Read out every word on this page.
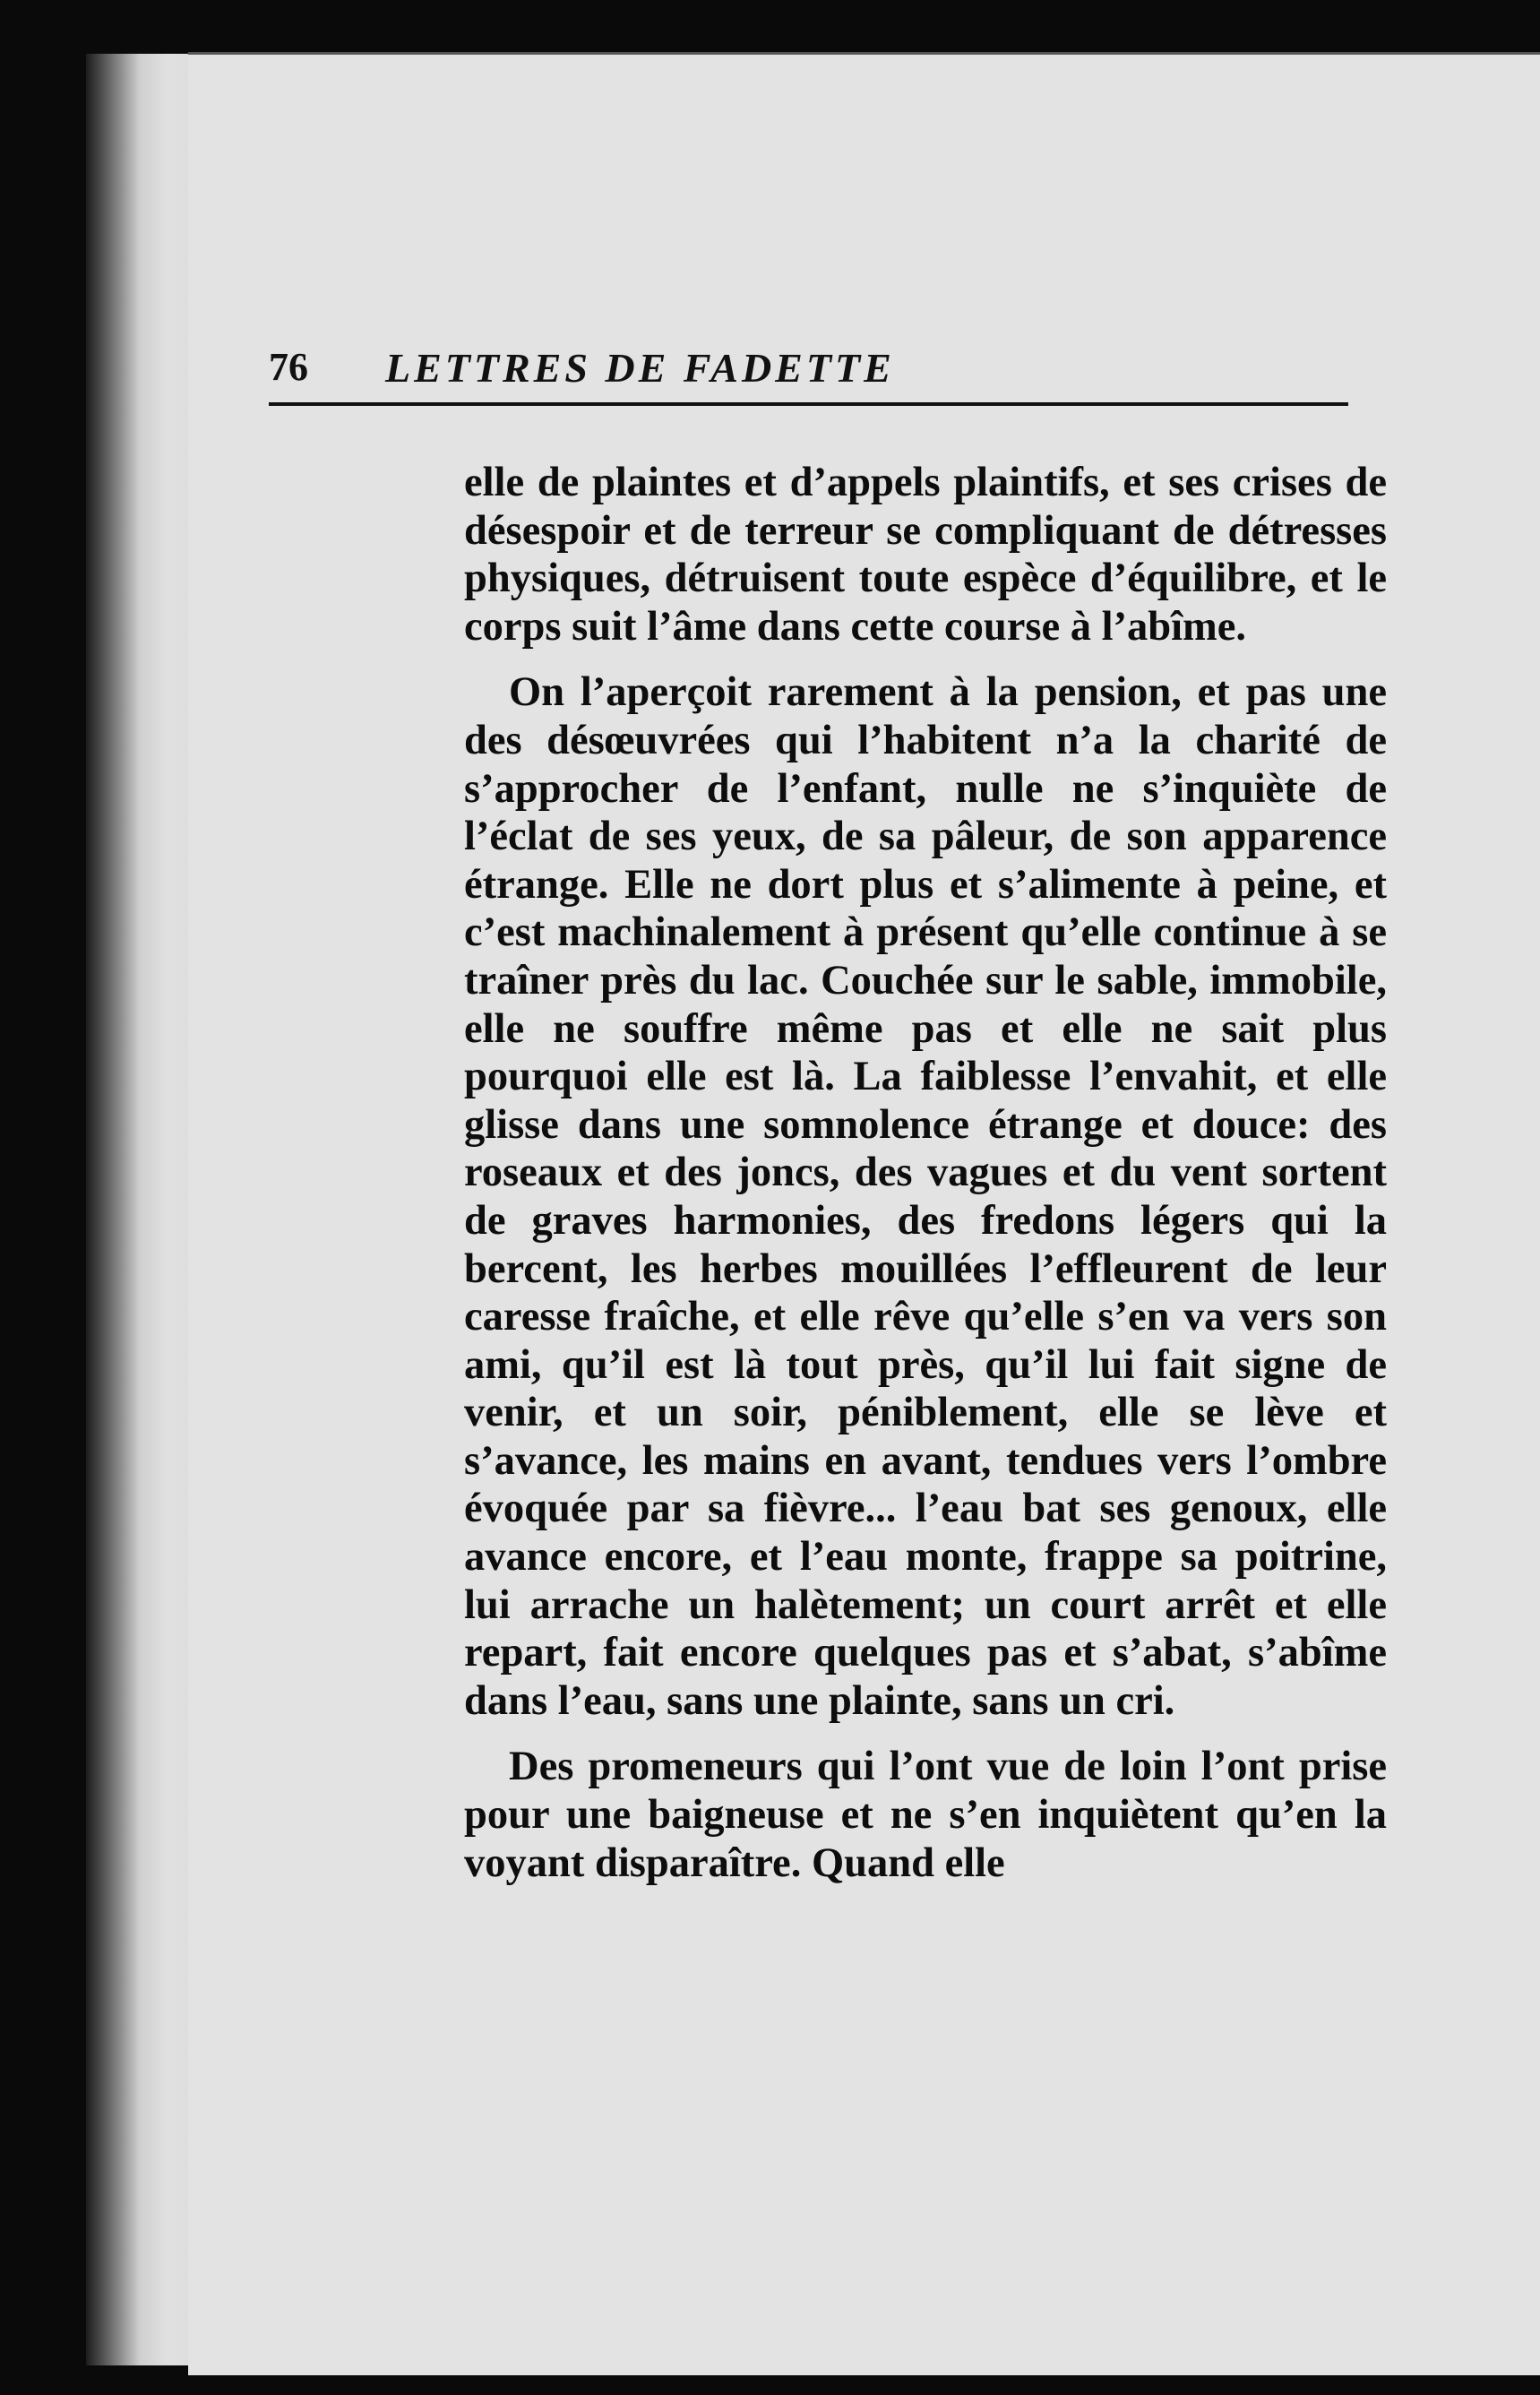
76 LETTRES DE FADETTE

elle de plaintes et d’appels plaintifs, et ses crises de désespoir et de terreur se compliquant de détresses physiques, détruisent toute espèce d’équilibre, et le corps suit l’âme dans cette course à l’abîme.

On l’aperçoit rarement à la pension, et pas une des désœuvrées qui l’habitent n’a la charité de s’approcher de l’enfant, nulle ne s’inquiète de l’éclat de ses yeux, de sa pâleur, de son apparence étrange. Elle ne dort plus et s’alimente à peine, et c’est machinalement à présent qu’elle continue à se traîner près du lac. Couchée sur le sable, immobile, elle ne souffre même pas et elle ne sait plus pourquoi elle est là. La faiblesse l’envahit, et elle glisse dans une somnolence étrange et douce: des roseaux et des joncs, des vagues et du vent sortent de graves harmonies, des fredons légers qui la bercent, les herbes mouillées l’effleurent de leur caresse fraîche, et elle rêve qu’elle s’en va vers son ami, qu’il est là tout près, qu’il lui fait signe de venir, et un soir, péniblement, elle se lève et s’avance, les mains en avant, tendues vers l’ombre évoquée par sa fièvre... l’eau bat ses genoux, elle avance encore, et l’eau monte, frappe sa poitrine, lui arrache un halètement; un court arrêt et elle repart, fait encore quelques pas et s’abat, s’abîme dans l’eau, sans une plainte, sans un cri.

Des promeneurs qui l’ont vue de loin l’ont prise pour une baigneuse et ne s’en inquiètent qu’en la voyant disparaître. Quand elle
